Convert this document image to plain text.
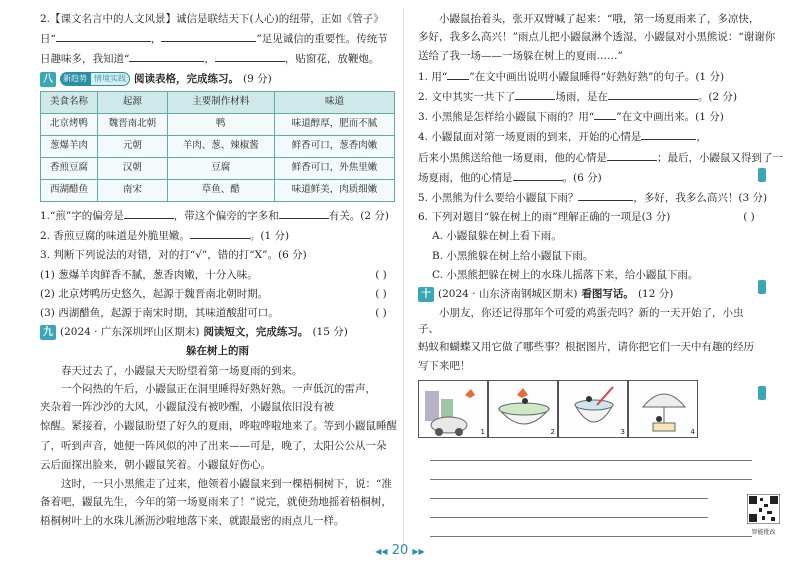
2.【课文名言中的人文风景】诚信是联结天下(人心)的纽带，正如《管子》
日“	，	”足见诚信的重要性。传统节
日趣味多，我知道“	，	，贴窗花，放鞭炮。
八	新趋势 情境实践 阅读表格，完成练习。 (9 分)
美食名称	起源	主要制作材料	味道
北京烤鸭	魏晋南北朝	鸭	味道醇厚，肥而不腻
葱爆羊肉	元朝	羊肉、葱、辣椒酱	鲜香可口，葱香肉嫩
香煎豆腐	汉朝	豆腐	鲜香可口，外焦里嫩
西湖醋鱼	南宋	草鱼、醋	味道鲜美，肉质细嫩
1.“煎”字的偏旁是	，带这个偏旁的字多和	有关。(2 分)
2. 香煎豆腐的味道是外脆里嫩。	。(1 分)
3. 判断下列说法的对错，对的打“√”，错的打“X”。(6 分)
(1) 葱爆羊肉鲜香不腻，葱香肉嫩，十分入味。	( )
(2) 北京烤鸭历史悠久，起源于魏晋南北朝时期。	( )
(3) 西湖醋鱼，起源于南宋时期，其味道酸甜可口。	( )
九 (2024 · 广东深圳坪山区期末) 阅读短文，完成练习。 (15 分)
躲在树上的雨
春天过去了，小鼹鼠天天盼望着第一场夏雨的到来。
一个闷热的午后，小鼹鼠正在洞里睡得好熟好熟。一声低沉的雷声，
夹杂着一阵沙沙的大风，小鼹鼠没有被吵醒，小鼹鼠依旧没有被
惊醒。紧接着，小鼹鼠盼望了好久的夏雨，哗啦哗啦地来了。等到小鼹鼠睡醒
了，听到声音，她便一阵风似的冲了出来——可是，晚了，太阳公公从一朵
云后面探出脸来，朝小鼹鼠笑着。小鼹鼠好伤心。
这时，一只小黑熊走了过来，他领着小鼹鼠来到一棵梧桐树下，说：“准
备着吧，鼹鼠先生，今年的第一场夏雨来了！”说完，就使劲地摇着梧桐树，
梧桐树叶上的水珠儿淅沥沙啦地落下来，就跟最密的雨点儿一样。
小鼹鼠抬着头，张开双臂喊了起来：“哦，第一场夏雨来了，多凉快，
多好，我多么高兴！”雨点儿把小鼹鼠淋个透湿，小鼹鼠对小黑熊说：“谢谢你
送给了我一场——一场躲在树上的夏雨……”
1. 用“ ”在文中画出说明小鼹鼠睡得“好熟好熟”的句子。(1 分)
2. 文中其实一共下了	场雨，是在	。(2 分)
3. 小黑熊是怎样给小鼹鼠下雨的？用“ ”在文中画出来。(1 分)
4. 小鼹鼠面对第一场夏雨的到来，开始的心情是	，
后来小黑熊送给他一场夏雨，他的心情是	；最后，小鼹鼠又得到了一
场夏雨，他的心情是	。(6 分)
5. 小黑熊为什么要给小鼹鼠下雨？	，多好，我多么高兴！(3 分)
6. 下列对题目“躲在树上的雨”理解正确的一项是(3 分)	( )
A. 小鼹鼠躲在树上看下雨。
B. 小黑熊躲在树上给小鼹鼠下雨。
C. 小黑熊把躲在树上的水珠儿摇落下来，给小鼹鼠下雨。
十 (2024 · 山东济南钢城区期末) 看图写话。 (12 分)
小朋友，你还记得那年个可爱的鸡蛋壳吗？新的一天开始了，小虫子、
蚂蚁和蝴蝶又用它做了哪些事？根据图片，请你把它们一天中有趣的经历
写下来吧！
1	2	3	4
智能批改
◀◀ 20 ▶▶
